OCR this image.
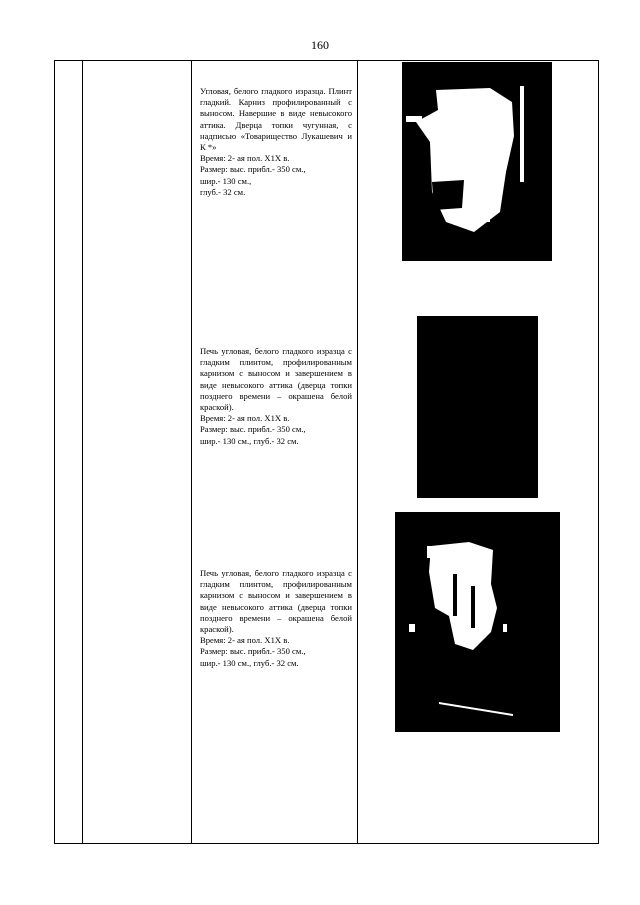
160

Угловая, белого гладкого изразца. Плинт гладкий. Карниз профилированный с выносом. Навершие в виде невысокого аттика. Дверца топки чугунная, с надписью «Товарищество Лукашевич и К *»

Время: 2- ая пол. Х1Х в.

Размер: выс. прибл.- 350 см.,

шир.- 130 см.,

глуб.- 32 см.

Печь угловая, белого гладкого изразца с гладким плинтом, профилированным карнизом с выносом и завершением в виде невысокого аттика (дверца топки позднего времени – окрашена белой краской).

Время: 2- ая пол. Х1Х в.

Размер: выс. прибл.- 350 см.,

шир.- 130 см., глуб.- 32 см.

Печь угловая, белого гладкого изразца с гладким плинтом, профилированным карнизом с выносом и завершением в виде невысокого аттика (дверца топки позднего времени – окрашена белой краской).

Время: 2- ая пол. Х1Х в.

Размер: выс. прибл.- 350 см.,

шир.- 130 см., глуб.- 32 см.
